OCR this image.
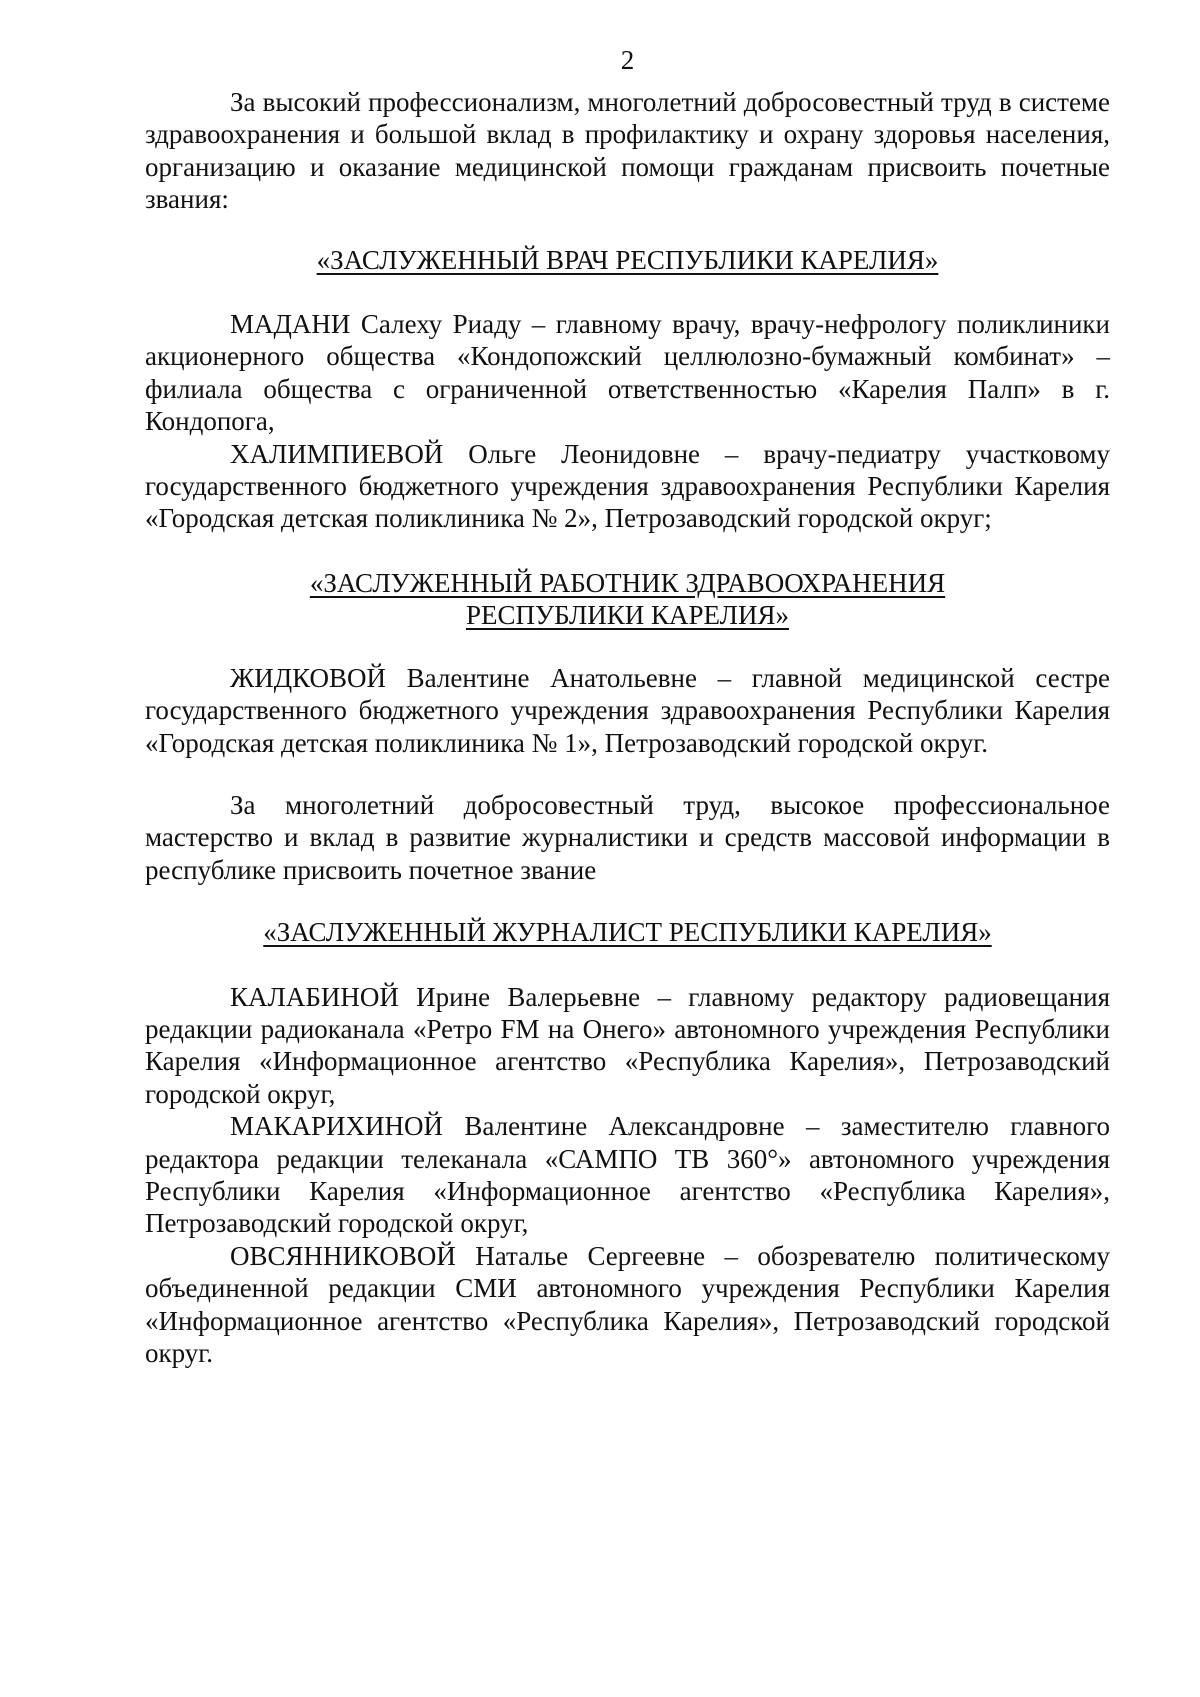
2

За высокий профессионализм, многолетний добросовестный труд в системе здравоохранения и большой вклад в профилактику и охрану здоровья населения, организацию и оказание медицинской помощи гражданам присвоить почетные звания:

«ЗАСЛУЖЕННЫЙ ВРАЧ РЕСПУБЛИКИ КАРЕЛИЯ»

МАДАНИ Салеху Риаду – главному врачу, врачу-нефрологу поликлиники акционерного общества «Кондопожский целлюлозно-бумажный комбинат» – филиала общества с ограниченной ответственностью «Карелия Палп» в г. Кондопога,

ХАЛИМПИЕВОЙ Ольге Леонидовне – врачу-педиатру участковому государственного бюджетного учреждения здравоохранения Республики Карелия «Городская детская поликлиника № 2», Петрозаводский городской округ;

«ЗАСЛУЖЕННЫЙ РАБОТНИК ЗДРАВООХРАНЕНИЯ
РЕСПУБЛИКИ КАРЕЛИЯ»

ЖИДКОВОЙ Валентине Анатольевне – главной медицинской сестре государственного бюджетного учреждения здравоохранения Республики Карелия «Городская детская поликлиника № 1», Петрозаводский городской округ.

За многолетний добросовестный труд, высокое профессиональное мастерство и вклад в развитие журналистики и средств массовой информации в республике присвоить почетное звание

«ЗАСЛУЖЕННЫЙ ЖУРНАЛИСТ РЕСПУБЛИКИ КАРЕЛИЯ»

КАЛАБИНОЙ Ирине Валерьевне – главному редактору радиовещания редакции радиоканала «Ретро FM на Онего» автономного учреждения Республики Карелия «Информационное агентство «Республика Карелия», Петрозаводский городской округ,

МАКАРИХИНОЙ Валентине Александровне – заместителю главного редактора редакции телеканала «САМПО ТВ 360°» автономного учреждения Республики Карелия «Информационное агентство «Республика Карелия», Петрозаводский городской округ,

ОВСЯННИКОВОЙ Наталье Сергеевне – обозревателю политическому объединенной редакции СМИ автономного учреждения Республики Карелия «Информационное агентство «Республика Карелия», Петрозаводский городской округ.
